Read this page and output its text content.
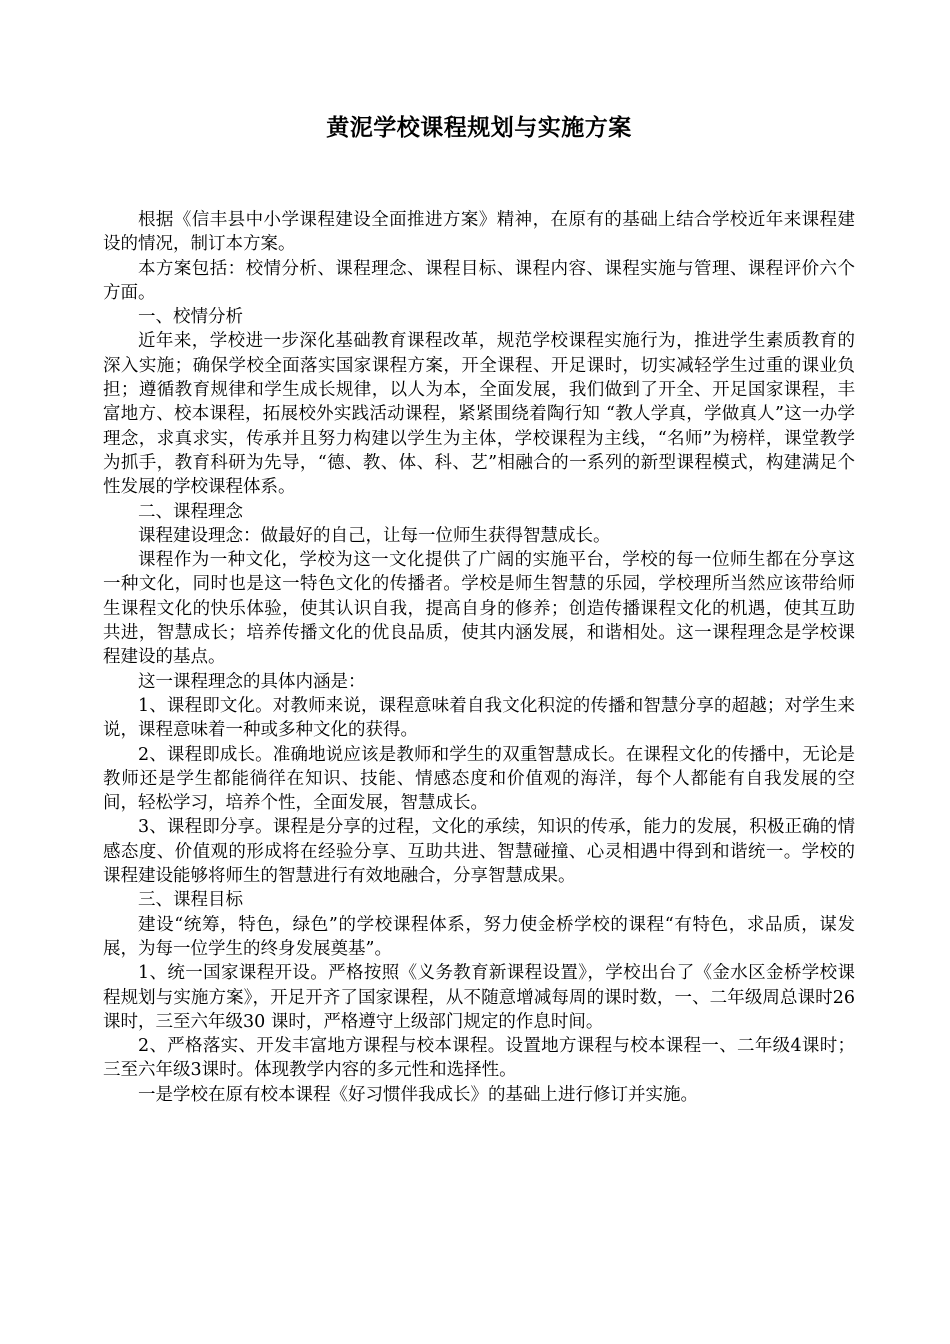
黄泥学校课程规划与实施方案

根据《信丰县中小学课程建设全面推进方案》精神，在原有的基础上结合学校近年来课程建设的情况，制订本方案。

本方案包括：校情分析、课程理念、课程目标、课程内容、课程实施与管理、课程评价六个方面。

一、校情分析

近年来，学校进一步深化基础教育课程改革，规范学校课程实施行为，推进学生素质教育的深入实施；确保学校全面落实国家课程方案，开全课程、开足课时，切实减轻学生过重的课业负担；遵循教育规律和学生成长规律，以人为本，全面发展，我们做到了开全、开足国家课程，丰富地方、校本课程，拓展校外实践活动课程，紧紧围绕着陶行知 “教人学真，学做真人”这一办学理念，求真求实，传承并且努力构建以学生为主体，学校课程为主线，“名师”为榜样，课堂教学为抓手，教育科研为先导，“德、教、体、科、艺”相融合的一系列的新型课程模式，构建满足个性发展的学校课程体系。

二、课程理念

课程建设理念：做最好的自己，让每一位师生获得智慧成长。

课程作为一种文化，学校为这一文化提供了广阔的实施平台，学校的每一位师生都在分享这一种文化，同时也是这一特色文化的传播者。学校是师生智慧的乐园，学校理所当然应该带给师生课程文化的快乐体验，使其认识自我，提高自身的修养；创造传播课程文化的机遇，使其互助共进，智慧成长；培养传播文化的优良品质，使其内涵发展，和谐相处。这一课程理念是学校课程建设的基点。

这一课程理念的具体内涵是：

1、课程即文化。对教师来说，课程意味着自我文化积淀的传播和智慧分享的超越；对学生来说，课程意味着一种或多种文化的获得。

2、课程即成长。准确地说应该是教师和学生的双重智慧成长。在课程文化的传播中，无论是教师还是学生都能徜徉在知识、技能、情感态度和价值观的海洋，每个人都能有自我发展的空间，轻松学习，培养个性，全面发展，智慧成长。

3、课程即分享。课程是分享的过程，文化的承续，知识的传承，能力的发展，积极正确的情感态度、价值观的形成将在经验分享、互助共进、智慧碰撞、心灵相遇中得到和谐统一。学校的课程建设能够将师生的智慧进行有效地融合，分享智慧成果。

三、课程目标

建设“统筹，特色，绿色”的学校课程体系，努力使金桥学校的课程“有特色，求品质，谋发展，为每一位学生的终身发展奠基”。

1、统一国家课程开设。严格按照《义务教育新课程设置》，学校出台了《金水区金桥学校课程规划与实施方案》，开足开齐了国家课程，从不随意增减每周的课时数，一、二年级周总课时26 课时，三至六年级30 课时，严格遵守上级部门规定的作息时间。

2、严格落实、开发丰富地方课程与校本课程。设置地方课程与校本课程一、二年级4课时；三至六年级3课时。体现教学内容的多元性和选择性。

一是学校在原有校本课程《好习惯伴我成长》的基础上进行修订并实施。
